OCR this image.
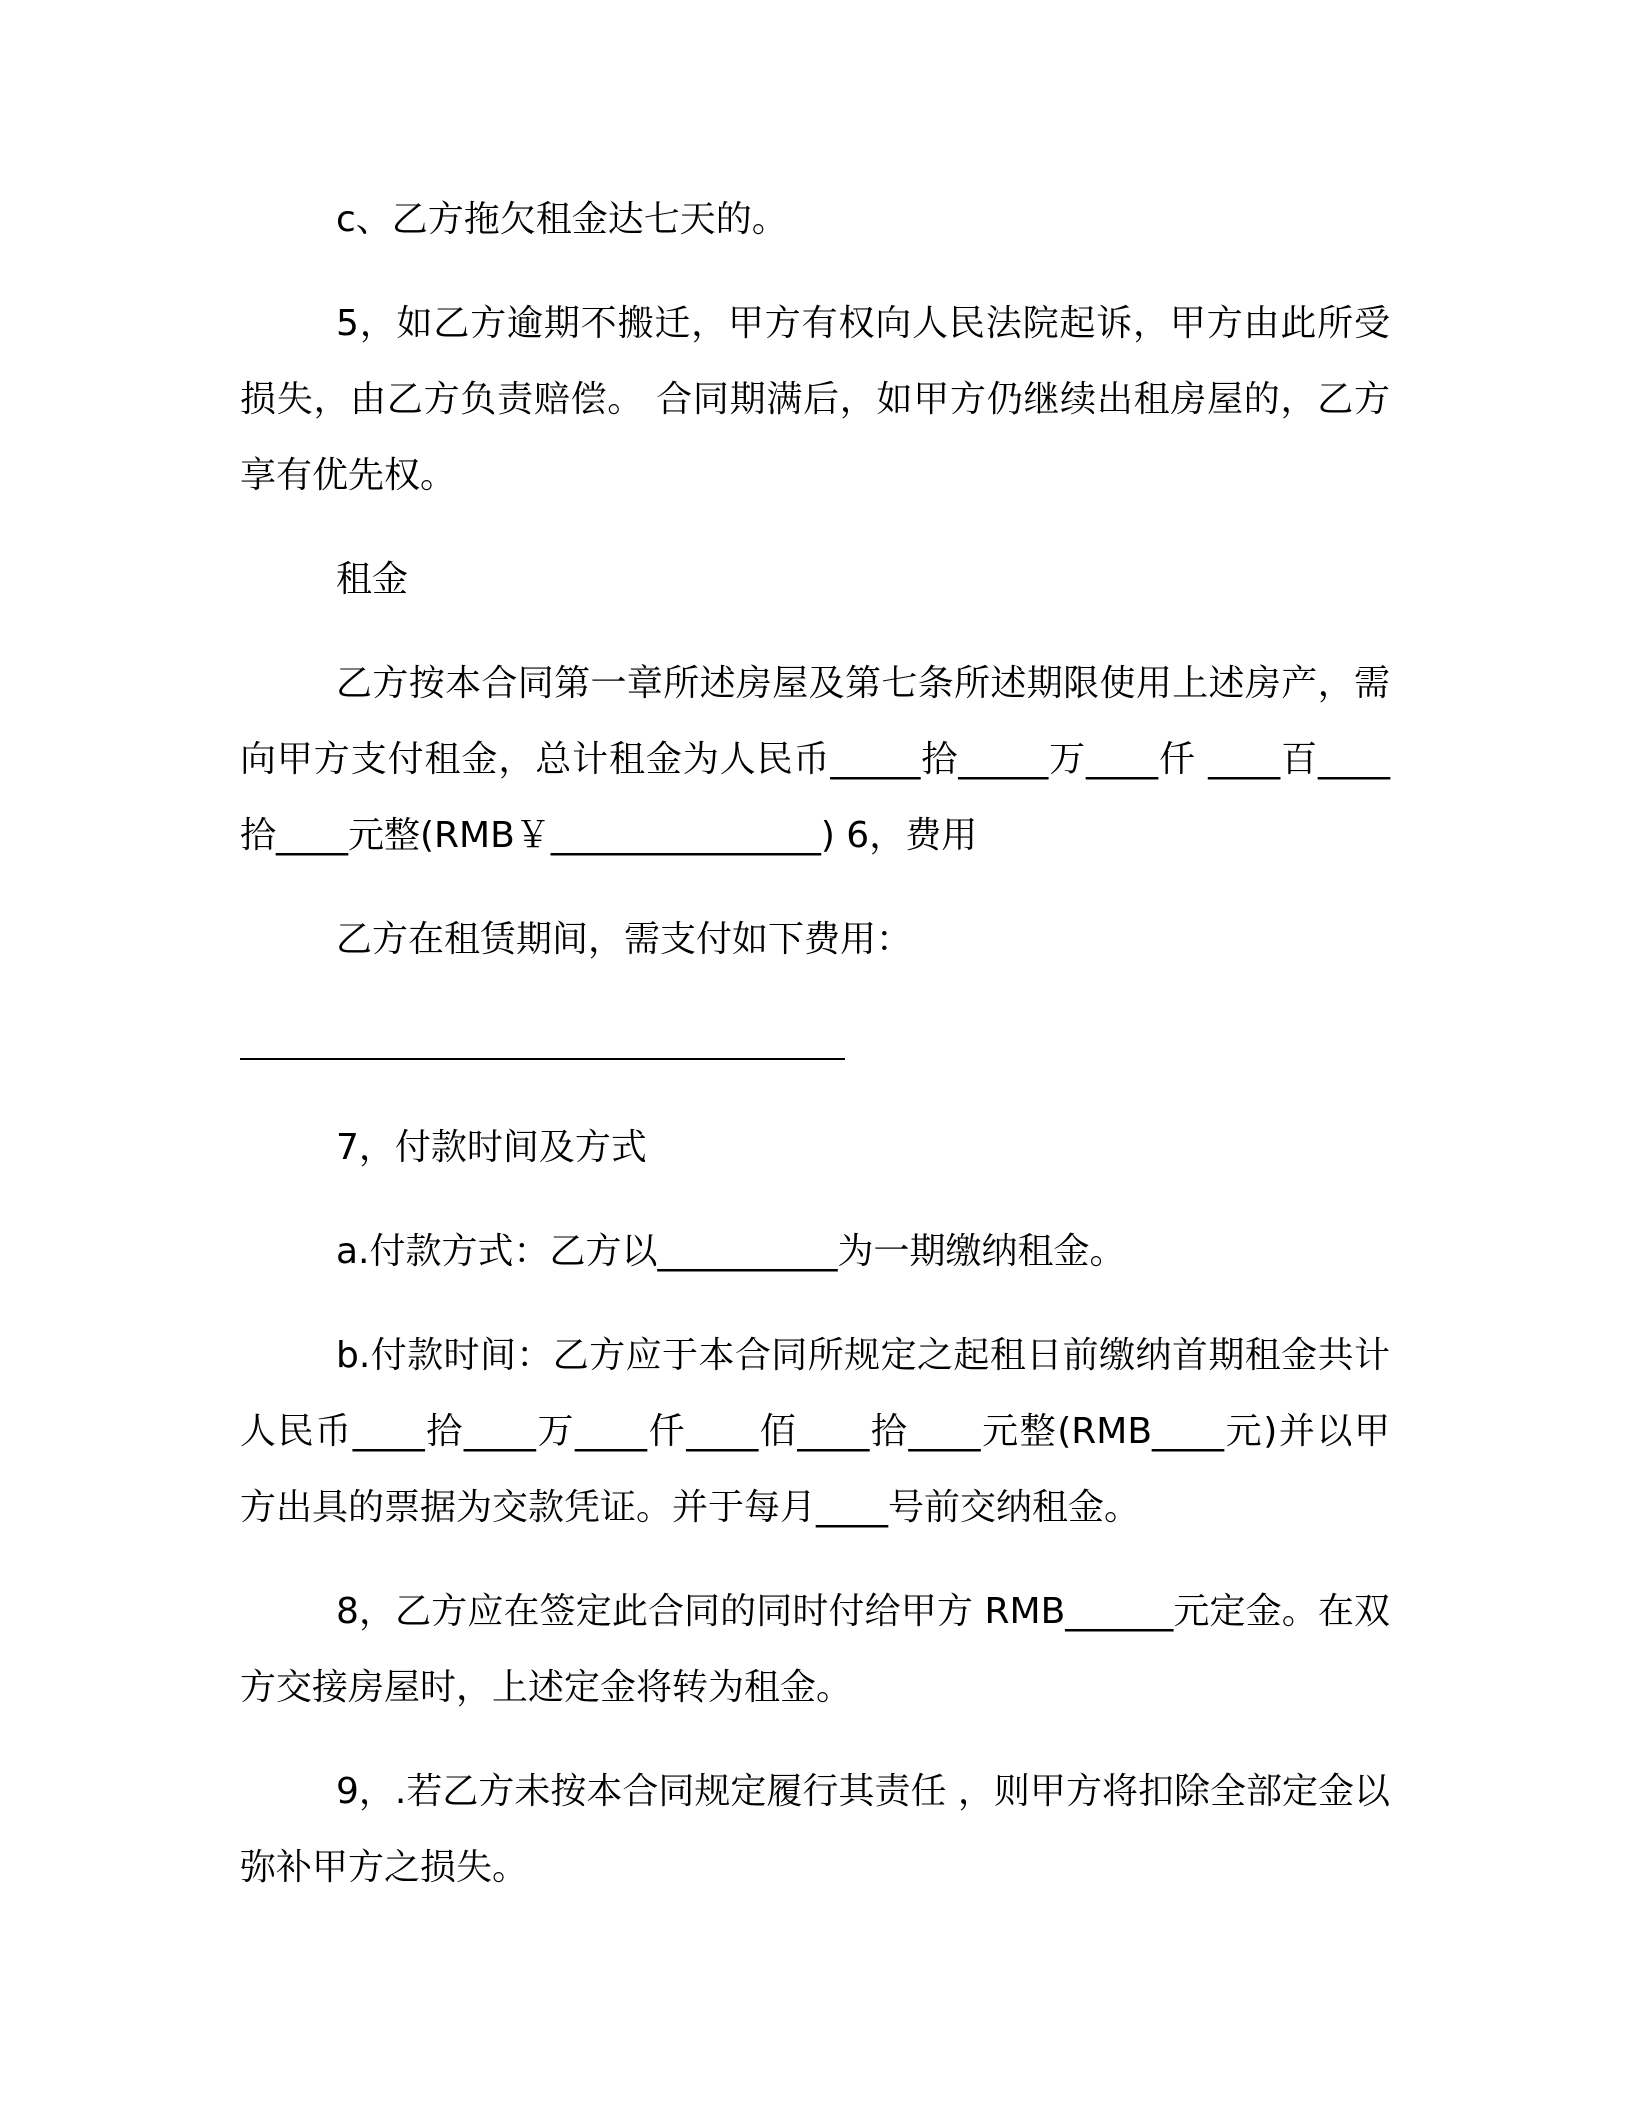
c、乙方拖欠租金达七天的。

5，如乙方逾期不搬迁，甲方有权向人民法院起诉，甲方由此所受损失，由乙方负责赔偿。 合同期满后，如甲方仍继续出租房屋的，乙方享有优先权。

租金

乙方按本合同第一章所述房屋及第七条所述期限使用上述房产，需向甲方支付租金，总计租金为人民币_____拾_____万____仟 ____百____拾____元整(RMB￥_______________) 6，费用

乙方在租赁期间，需支付如下费用：

7，付款时间及方式

a.付款方式：乙方以__________为一期缴纳租金。

b.付款时间：乙方应于本合同所规定之起租日前缴纳首期租金共计人民币____拾____万____仟____佰____拾____元整(RMB____元)并以甲方出具的票据为交款凭证。并于每月____号前交纳租金。

8，乙方应在签定此合同的同时付给甲方 RMB______元定金。在双方交接房屋时，上述定金将转为租金。

9，.若乙方未按本合同规定履行其责任 ，则甲方将扣除全部定金以弥补甲方之损失。
